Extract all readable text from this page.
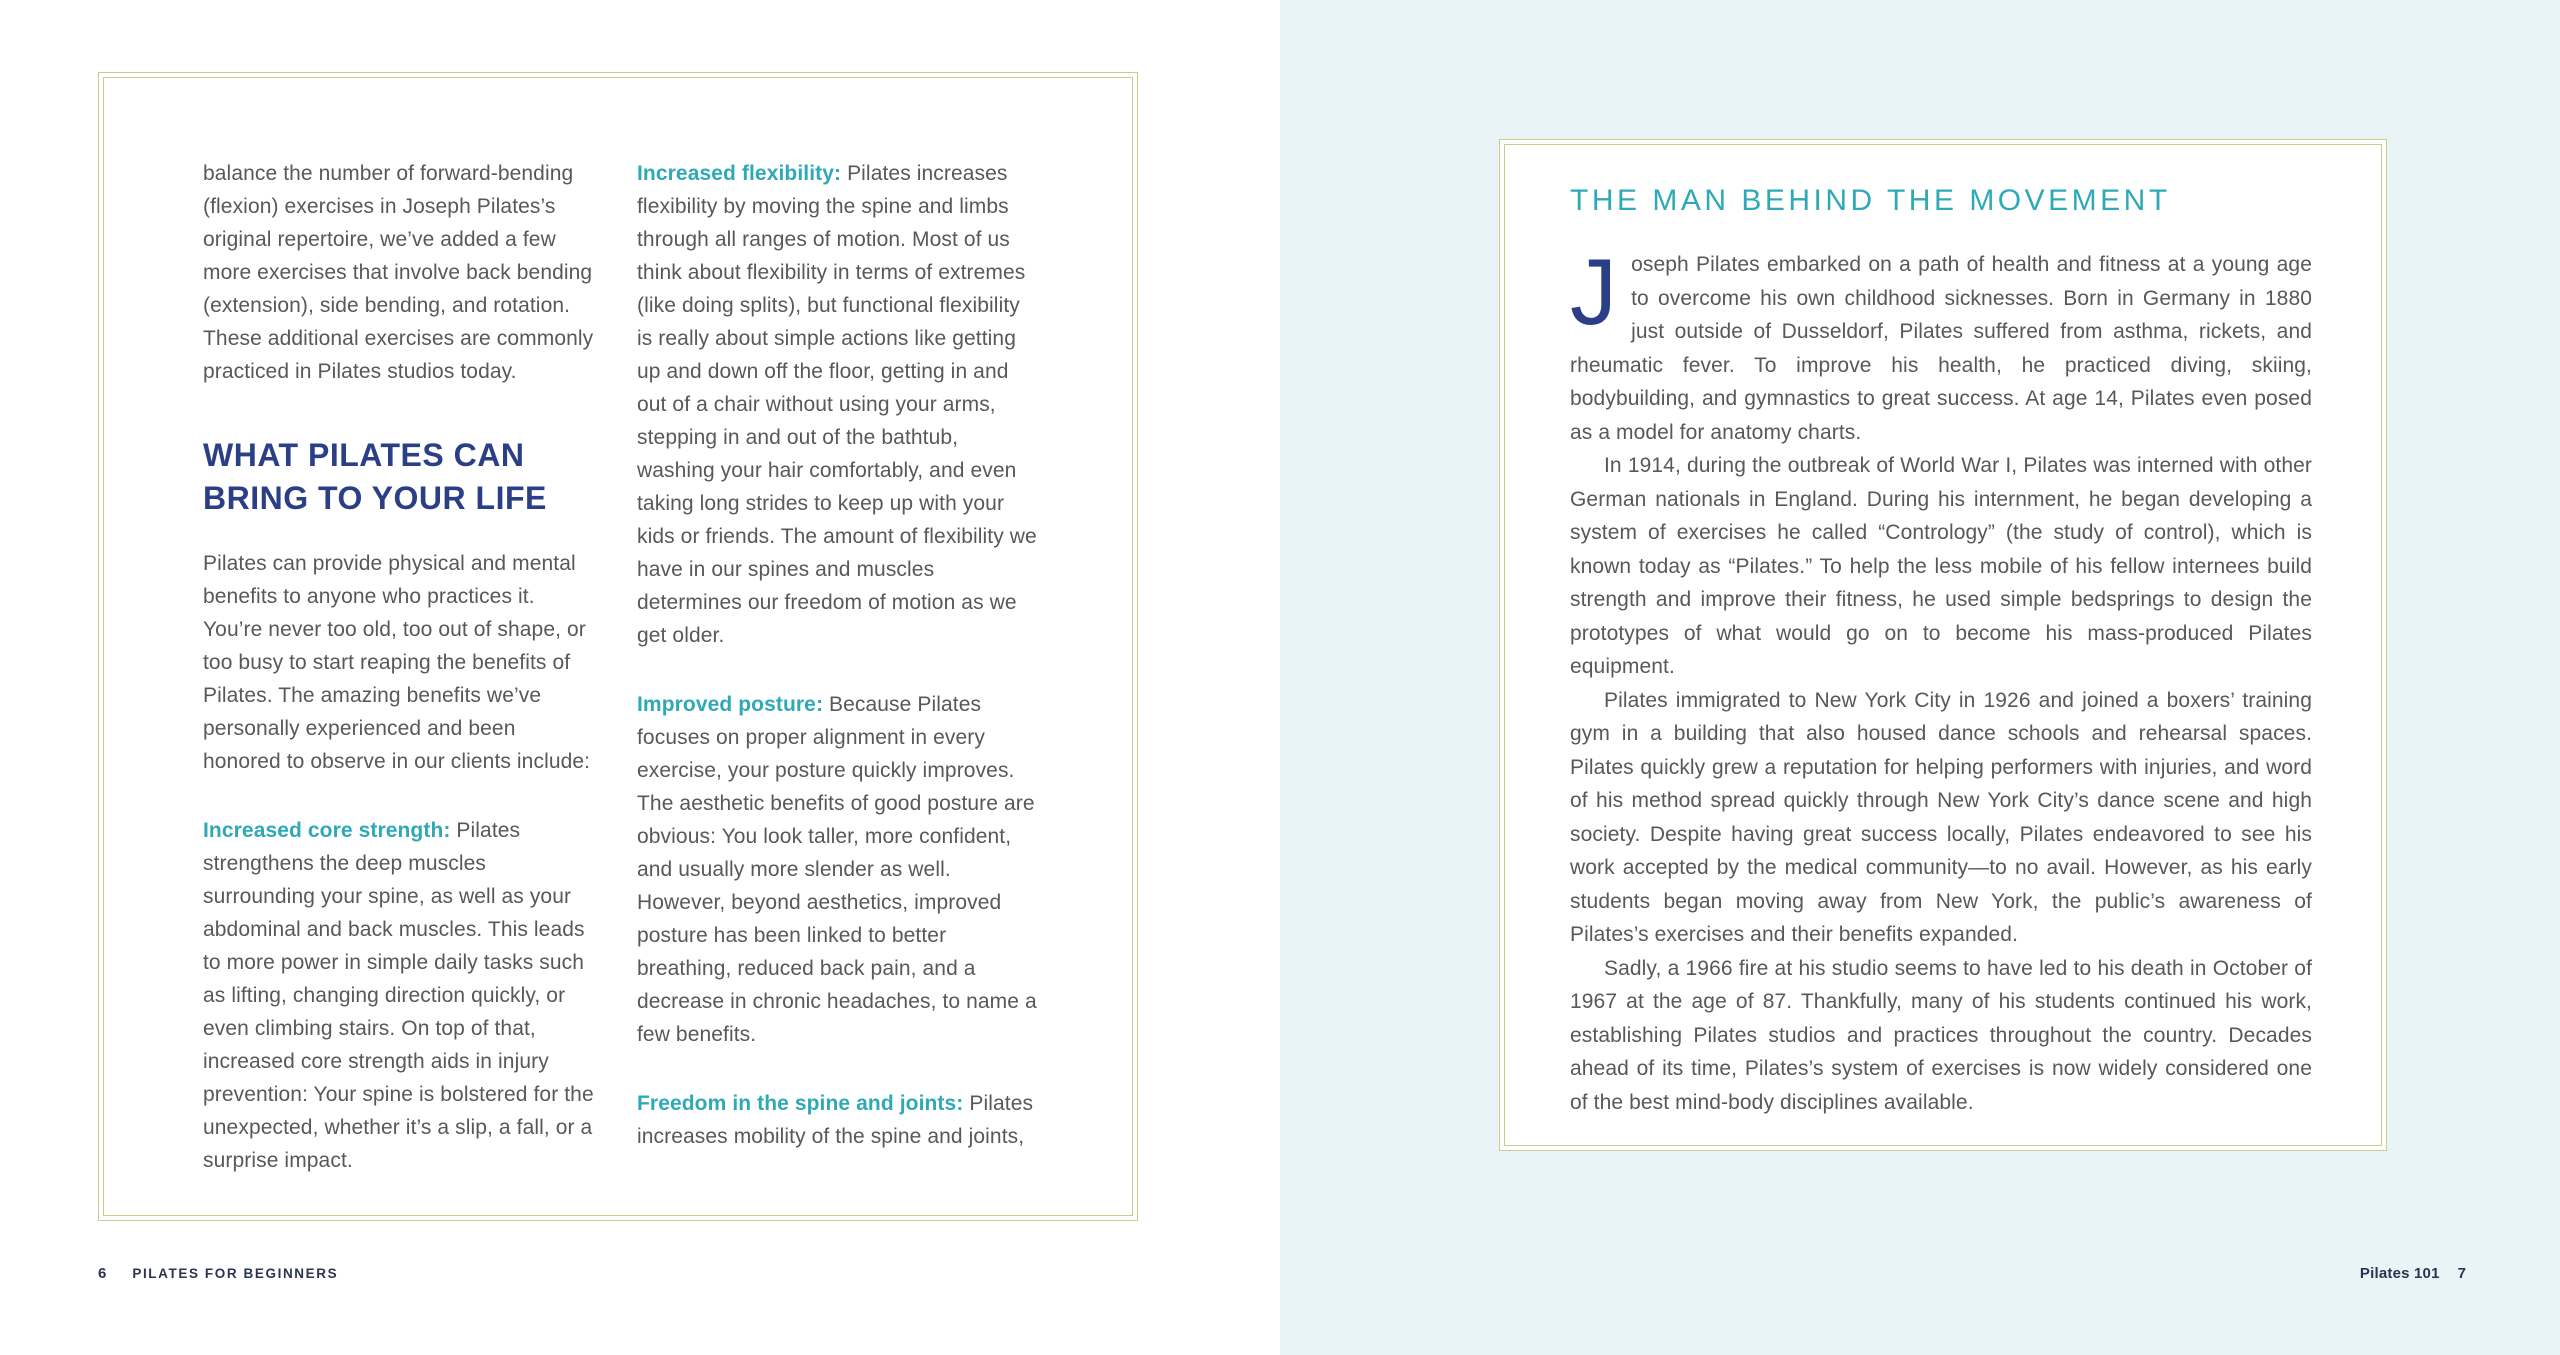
balance the number of forward-bending (flexion) exercises in Joseph Pilates’s original repertoire, we’ve added a few more exercises that involve back bending (extension), side bending, and rotation. These additional exercises are commonly practiced in Pilates studios today.

WHAT PILATES CAN BRING TO YOUR LIFE

Pilates can provide physical and mental benefits to anyone who practices it. You’re never too old, too out of shape, or too busy to start reaping the benefits of Pilates. The amazing benefits we’ve personally experienced and been honored to observe in our clients include:

Increased core strength: Pilates strengthens the deep muscles surrounding your spine, as well as your abdominal and back muscles. This leads to more power in simple daily tasks such as lifting, changing direction quickly, or even climbing stairs. On top of that, increased core strength aids in injury prevention: Your spine is bolstered for the unexpected, whether it’s a slip, a fall, or a surprise impact.

Increased flexibility: Pilates increases flexibility by moving the spine and limbs through all ranges of motion. Most of us think about flexibility in terms of extremes (like doing splits), but functional flexibility is really about simple actions like getting up and down off the floor, getting in and out of a chair without using your arms, stepping in and out of the bathtub, washing your hair comfortably, and even taking long strides to keep up with your kids or friends. The amount of flexibility we have in our spines and muscles determines our freedom of motion as we get older.

Improved posture: Because Pilates focuses on proper alignment in every exercise, your posture quickly improves. The aesthetic benefits of good posture are obvious: You look taller, more confident, and usually more slender as well. However, beyond aesthetics, improved posture has been linked to better breathing, reduced back pain, and a decrease in chronic headaches, to name a few benefits.

Freedom in the spine and joints: Pilates increases mobility of the spine and joints,

6 PILATES FOR BEGINNERS
THE MAN BEHIND THE MOVEMENT

Joseph Pilates embarked on a path of health and fitness at a young age to overcome his own childhood sicknesses. Born in Germany in 1880 just outside of Dusseldorf, Pilates suffered from asthma, rickets, and rheumatic fever. To improve his health, he practiced diving, skiing, bodybuilding, and gymnastics to great success. At age 14, Pilates even posed as a model for anatomy charts.

In 1914, during the outbreak of World War I, Pilates was interned with other German nationals in England. During his internment, he began developing a system of exercises he called “Contrology” (the study of control), which is known today as “Pilates.” To help the less mobile of his fellow internees build strength and improve their fitness, he used simple bedsprings to design the prototypes of what would go on to become his mass-produced Pilates equipment.

Pilates immigrated to New York City in 1926 and joined a boxers’ training gym in a building that also housed dance schools and rehearsal spaces. Pilates quickly grew a reputation for helping performers with injuries, and word of his method spread quickly through New York City’s dance scene and high society. Despite having great success locally, Pilates endeavored to see his work accepted by the medical community—to no avail. However, as his early students began moving away from New York, the public’s awareness of Pilates’s exercises and their benefits expanded.

Sadly, a 1966 fire at his studio seems to have led to his death in October of 1967 at the age of 87. Thankfully, many of his students continued his work, establishing Pilates studios and practices throughout the country. Decades ahead of its time, Pilates’s system of exercises is now widely considered one of the best mind-body disciplines available.

Pilates 101 7
